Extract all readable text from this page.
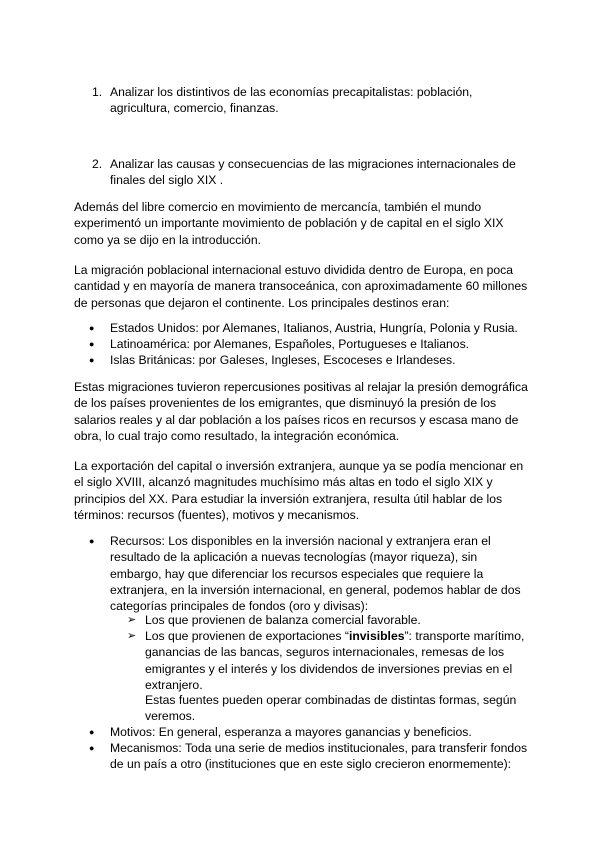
1. Analizar los distintivos de las economías precapitalistas: población, agricultura, comercio, finanzas.

2. Analizar las causas y consecuencias de las migraciones internacionales de finales del siglo XIX .

Además del libre comercio en movimiento de mercancía, también el mundo experimentó un importante movimiento de población y de capital en el siglo XIX como ya se dijo en la introducción.

La migración poblacional internacional estuvo dividida dentro de Europa, en poca cantidad y en mayoría de manera transoceánica, con aproximadamente 60 millones de personas que dejaron el continente. Los principales destinos eran:

● Estados Unidos: por Alemanes, Italianos, Austria, Hungría, Polonia y Rusia.

● Latinoamérica: por Alemanes, Españoles, Portugueses e Italianos.

● Islas Británicas: por Galeses, Ingleses, Escoceses e Irlandeses.

Estas migraciones tuvieron repercusiones positivas al relajar la presión demográfica de los países provenientes de los emigrantes, que disminuyó la presión de los salarios reales y al dar población a los países ricos en recursos y escasa mano de obra, lo cual trajo como resultado, la integración económica.

La exportación del capital o inversión extranjera, aunque ya se podía mencionar en el siglo XVIII, alcanzó magnitudes muchísimo más altas en todo el siglo XIX y principios del XX. Para estudiar la inversión extranjera, resulta útil hablar de los términos: recursos (fuentes), motivos y mecanismos.

● Recursos: Los disponibles en la inversión nacional y extranjera eran el resultado de la aplicación a nuevas tecnologías (mayor riqueza), sin embargo, hay que diferenciar los recursos especiales que requiere la extranjera, en la inversión internacional, en general, podemos hablar de dos categorías principales de fondos (oro y divisas):

➢ Los que provienen de balanza comercial favorable.

➢ Los que provienen de exportaciones “invisibles”: transporte marítimo, ganancias de las bancas, seguros internacionales, remesas de los emigrantes y el interés y los dividendos de inversiones previas en el extranjero.

Estas fuentes pueden operar combinadas de distintas formas, según veremos.

● Motivos: En general, esperanza a mayores ganancias y beneficios.

● Mecanismos: Toda una serie de medios institucionales, para transferir fondos de un país a otro (instituciones que en este siglo crecieron enormemente):
